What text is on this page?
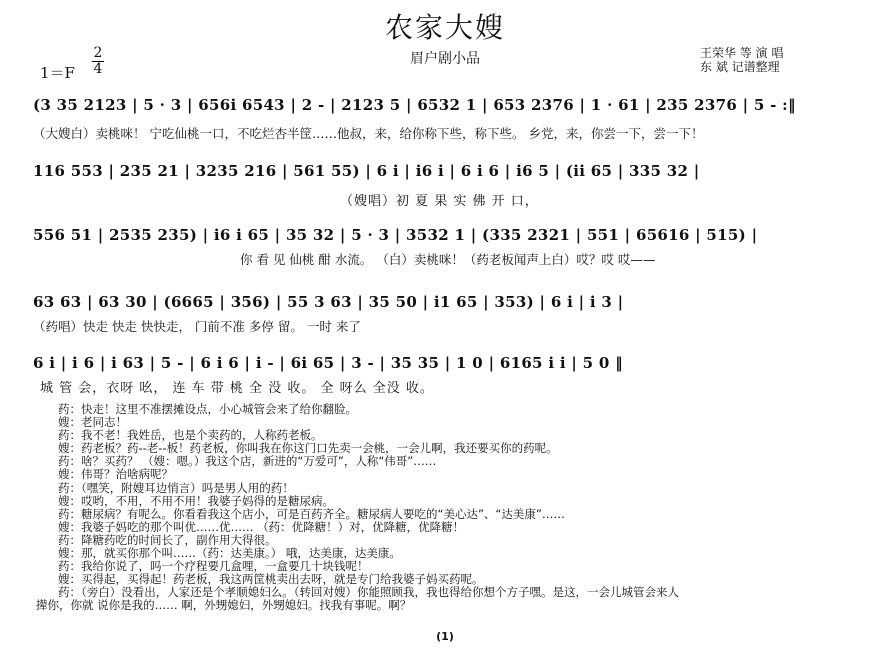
农家大嫂
眉户剧小品
1＝F
2
4
王荣华 等 演 唱
东 斌 记谱整理
(3 35 2123 | 5 · 3 | 656i 6543 | 2 - | 2123 5 | 6532 1 | 653 2376 | 1 · 61 | 235 2376 | 5 - :‖
（大嫂白）卖桃咪！ 宁吃仙桃一口，不吃烂杏半筐……他叔，来，给你称下些，称下些。 乡党，来，你尝一下，尝一下！
116 553 | 235 21 | 3235 216 | 561 55) | 6 i | i6 i | 6 i 6 | i6 5 | (ii 65 | 335 32 |
（嫂唱）初 夏 果 实 佛 开 口，
556 51 | 2535 235) | i6 i 65 | 35 32 | 5 · 3 | 3532 1 | (335 2321 | 551 | 65616 | 515) |
你 看 见 仙桃 酣 水流。 （白）卖桃咪！（药老板闻声上白）哎？哎 哎——
63 63 | 63 30 | (6665 | 356) | 55 3 63 | 35 50 | i1 65 | 353) | 6 i | i 3 |
（药唱）快走 快走 快快走， 门前不准 多停 留。 一时 来了
6 i | i 6 | i 63 | 5 - | 6 i 6 | i - | 6i 65 | 3 - | 35 35 | 1 0 | 6165 i i | 5 0 ‖
城 管 会，衣呀 吆， 连 车 带 桃 全 没 收。 全 呀么 全没 收。
药：快走！这里不准摆摊设点，小心城管会来了给你翻脸。
嫂：老同志！
药：我不老！我姓岳，也是个卖药的，人称药老板。
嫂：药老板？药--老--板！药老板，你叫我在你这门口先卖一会桃，一会儿啊，我还要买你的药呢。
药：啥？买药？ （嫂：嗯。）我这个店，新进的“万爱可”，人称“伟哥”……
嫂：伟哥？治啥病呢？
药：（嘿笑，附嫂耳边悄言）吗是男人用的药！
嫂：哎哟，不用，不用不用！我婆子妈得的是糖尿病。
药：糖尿病？有呢么。你看看我这个店小，可是百药齐全。糖尿病人要吃的“美心达”、“达美康”……
嫂：我婆子妈吃的那个叫优……优…… （药：优降糖！）对，优降糖，优降糖！
药：降糖药吃的时间长了，副作用大得很。
嫂：那，就买你那个叫……（药：达美康。） 哦，达美康，达美康。
药：我给你说了，吗一个疗程要几盒哩，一盒要几十块钱呢！
嫂：买得起，买得起！药老板，我这两筐桃卖出去呀，就是专门给我婆子妈买药呢。
药：（旁白）没看出，人家还是个孝顺媳妇么。（转回对嫂）你能照顾我，我也得给你想个方子嘿。是这，一会儿城管会来人
撵你，你就 说你是我的…… 啊，外甥媳妇，外甥媳妇。找我有事呢。啊？
(1)
